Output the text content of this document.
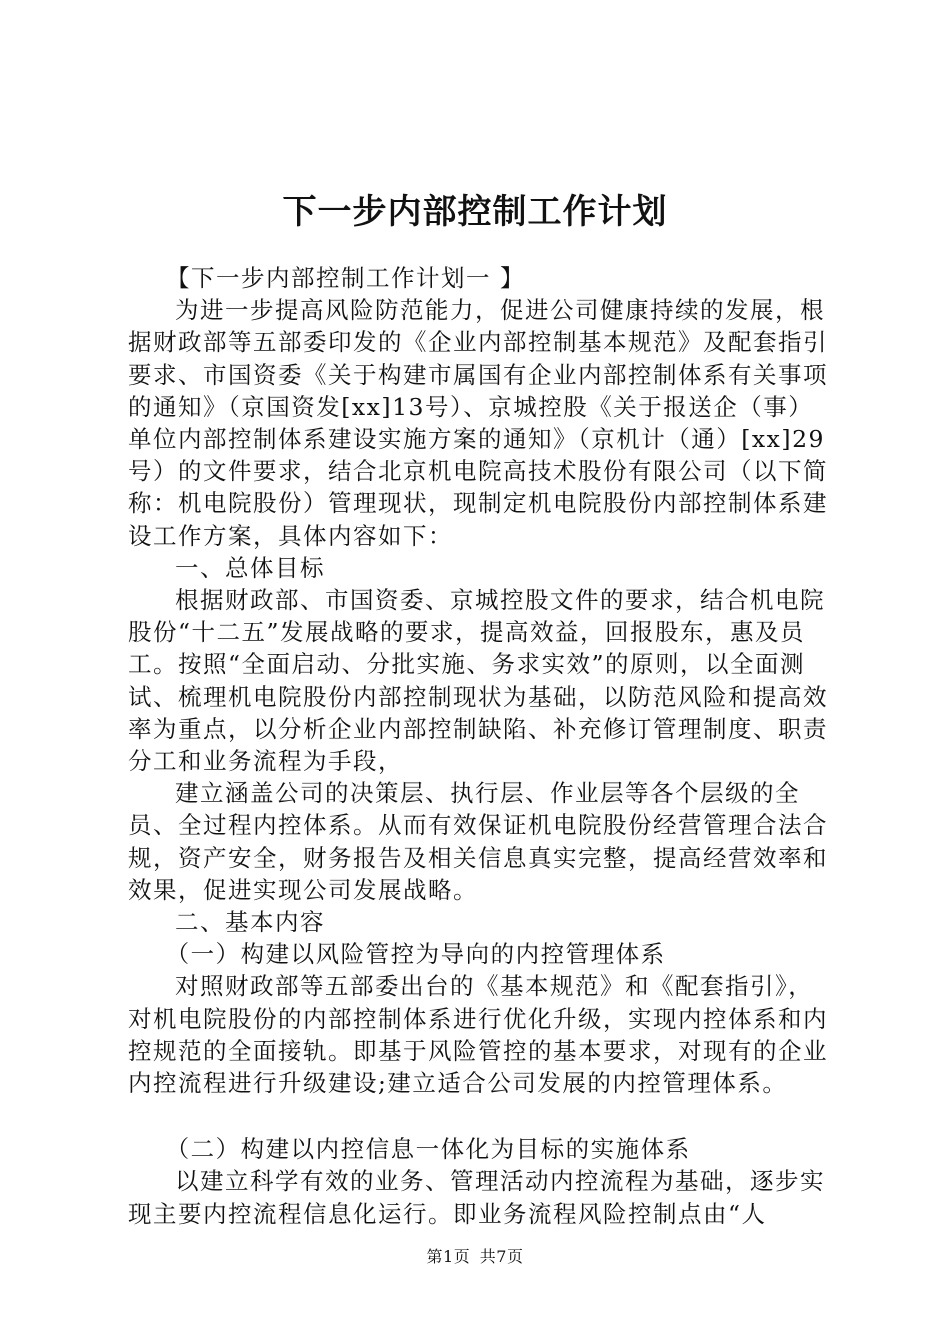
下一步内部控制工作计划

【下一步内部控制工作计划一 】

为进一步提高风险防范能力，促进公司健康持续的发展，根据财政部等五部委印发的《企业内部控制基本规范》及配套指引要求、市国资委《关于构建市属国有企业内部控制体系有关事项的通知》（京国资发[xx]13号）、京城控股《关于报送企（事）单位内部控制体系建设实施方案的通知》（京机计（通）[xx]29号）的文件要求，结合北京机电院高技术股份有限公司（以下简称：机电院股份）管理现状，现制定机电院股份内部控制体系建设工作方案，具体内容如下：

一、总体目标

根据财政部、市国资委、京城控股文件的要求，结合机电院股份“十二五”发展战略的要求，提高效益，回报股东，惠及员工。按照“全面启动、分批实施、务求实效”的原则，以全面测试、梳理机电院股份内部控制现状为基础，以防范风险和提高效率为重点，以分析企业内部控制缺陷、补充修订管理制度、职责分工和业务流程为手段，

建立涵盖公司的决策层、执行层、作业层等各个层级的全员、全过程内控体系。从而有效保证机电院股份经营管理合法合规，资产安全，财务报告及相关信息真实完整，提高经营效率和效果，促进实现公司发展战略。

二、基本内容

（一）构建以风险管控为导向的内控管理体系

对照财政部等五部委出台的《基本规范》和《配套指引》，对机电院股份的内部控制体系进行优化升级，实现内控体系和内控规范的全面接轨。即基于风险管控的基本要求，对现有的企业内控流程进行升级建设;建立适合公司发展的内控管理体系。

（二）构建以内控信息一体化为目标的实施体系

以建立科学有效的业务、管理活动内控流程为基础，逐步实现主要内控流程信息化运行。即业务流程风险控制点由“人

第1页 共7页
